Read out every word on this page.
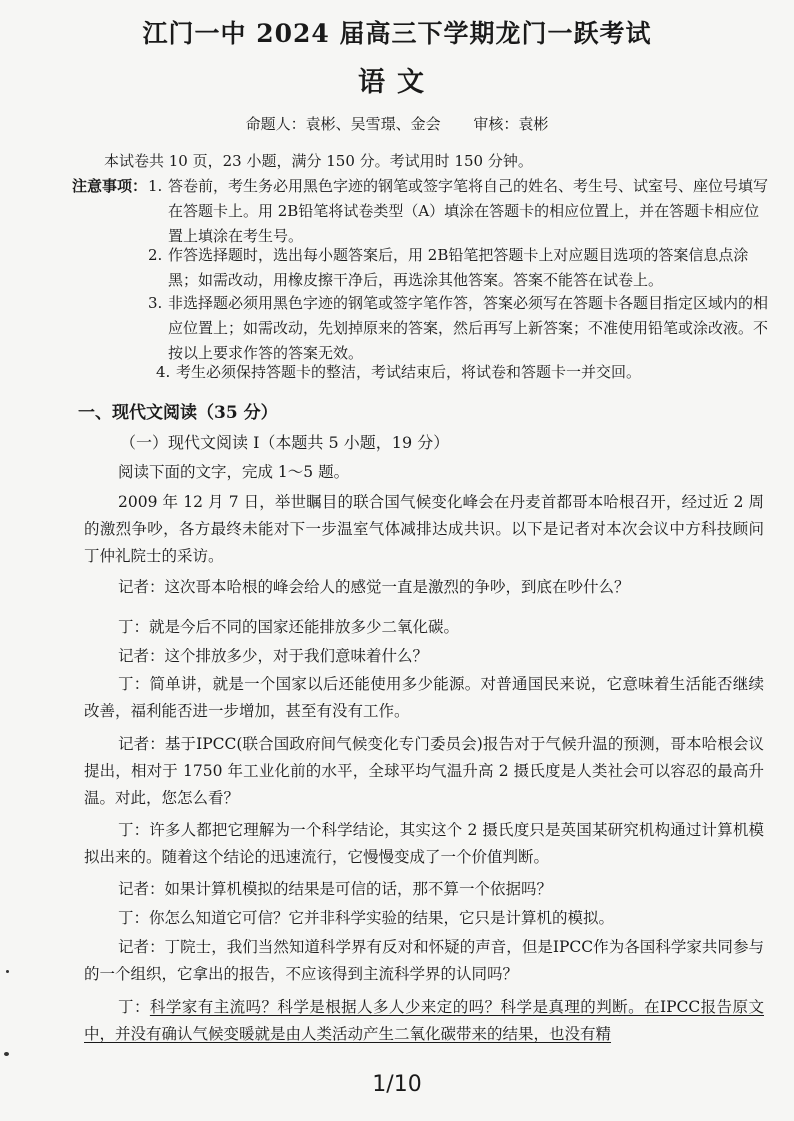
江门一中 2024 届高三下学期龙门一跃考试
语文
命题人：袁彬、吴雪璟、金会 审核：袁彬
本试卷共 10 页，23 小题，满分 150 分。考试用时 150 分钟。
注意事项： 1. 答卷前，考生务必用黑色字迹的钢笔或签字笔将自己的姓名、考生号、试室号、座位号填写在答题卡上。用 2B铅笔将试卷类型（A）填涂在答题卡的相应位置上，并在答题卡相应位置上填涂在考生号。
2. 作答选择题时，选出每小题答案后，用 2B铅笔把答题卡上对应题目选项的答案信息点涂黑；如需改动，用橡皮擦干净后，再选涂其他答案。答案不能答在试卷上。
3. 非选择题必须用黑色字迹的钢笔或签字笔作答，答案必须写在答题卡各题目指定区域内的相应位置上；如需改动，先划掉原来的答案，然后再写上新答案；不准使用铅笔或涂改液。不按以上要求作答的答案无效。
4. 考生必须保持答题卡的整洁，考试结束后，将试卷和答题卡一并交回。
一、现代文阅读（35 分）
（一）现代文阅读 I（本题共 5 小题，19 分）
阅读下面的文字，完成 1～5 题。
2009 年 12 月 7 日，举世瞩目的联合国气候变化峰会在丹麦首都哥本哈根召开，经过近 2 周的激烈争吵，各方最终未能对下一步温室气体减排达成共识。以下是记者对本次会议中方科技顾问丁仲礼院士的采访。
记者：这次哥本哈根的峰会给人的感觉一直是激烈的争吵，到底在吵什么？
丁：就是今后不同的国家还能排放多少二氧化碳。
记者：这个排放多少，对于我们意味着什么？
丁：简单讲，就是一个国家以后还能使用多少能源。对普通国民来说，它意味着生活能否继续改善，福利能否进一步增加，甚至有没有工作。
记者：基于IPCC(联合国政府间气候变化专门委员会)报告对于气候升温的预测，哥本哈根会议提出，相对于 1750 年工业化前的水平，全球平均气温升高 2 摄氏度是人类社会可以容忍的最高升温。对此，您怎么看？
丁：许多人都把它理解为一个科学结论，其实这个 2 摄氏度只是英国某研究机构通过计算机模拟出来的。随着这个结论的迅速流行，它慢慢变成了一个价值判断。
记者：如果计算机模拟的结果是可信的话，那不算一个依据吗？
丁：你怎么知道它可信？它并非科学实验的结果，它只是计算机的模拟。
记者：丁院士，我们当然知道科学界有反对和怀疑的声音，但是IPCC作为各国科学家共同参与的一个组织，它拿出的报告，不应该得到主流科学界的认同吗？
丁：科学家有主流吗？科学是根据人多人少来定的吗？科学是真理的判断。在IPCC报告原文中，并没有确认气候变暖就是由人类活动产生二氧化碳带来的结果，也没有精
1/10
